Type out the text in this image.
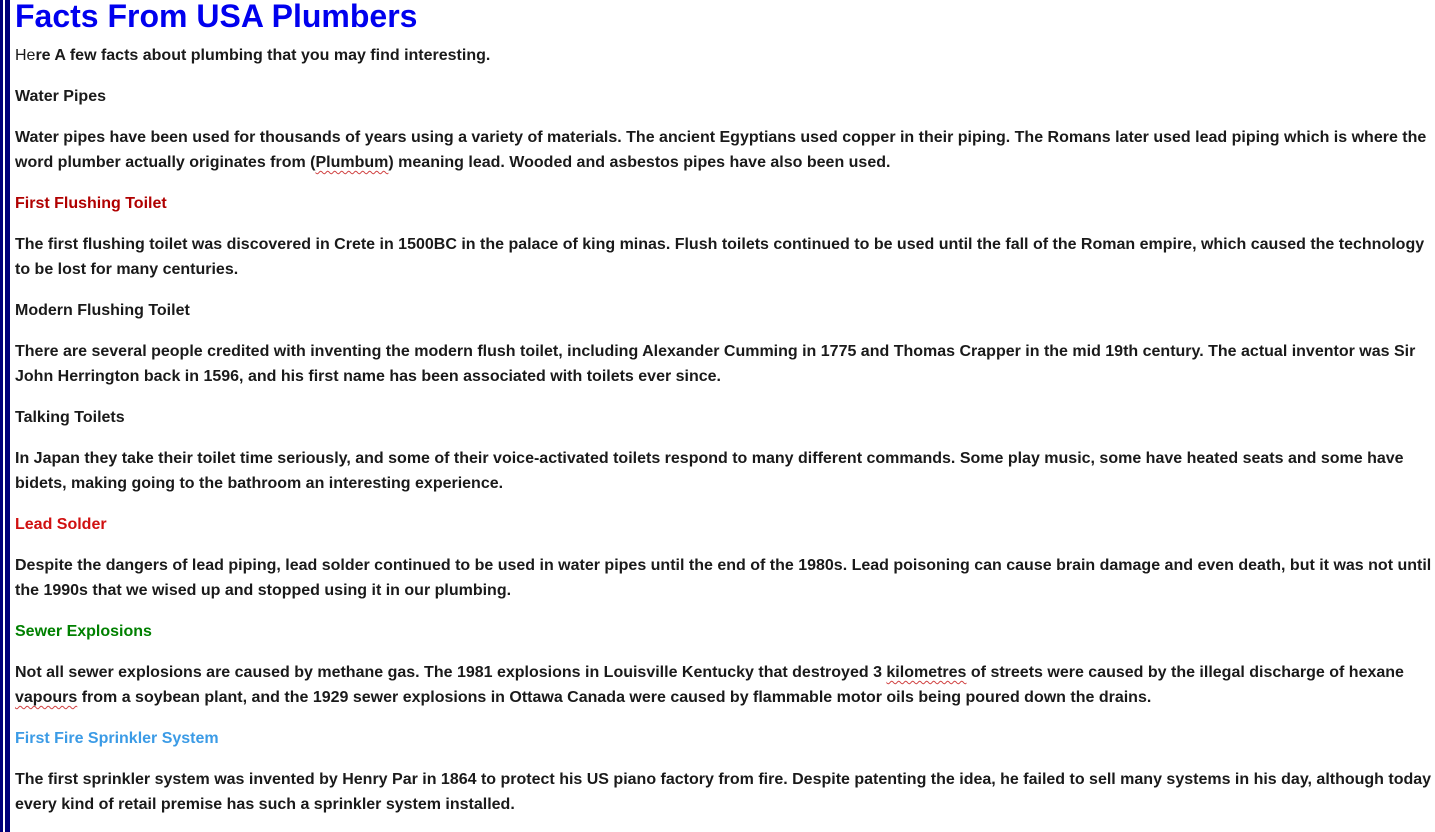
Facts From USA Plumbers

Here A few facts about plumbing that you may find interesting.

Water Pipes

Water pipes have been used for thousands of years using a variety of materials. The ancient Egyptians used copper in their piping. The Romans later used lead piping which is where the word plumber actually originates from (Plumbum) meaning lead. Wooded and asbestos pipes have also been used.

First Flushing Toilet

The first flushing toilet was discovered in Crete in 1500BC in the palace of king minas. Flush toilets continued to be used until the fall of the Roman empire, which caused the technology to be lost for many centuries.

Modern Flushing Toilet

There are several people credited with inventing the modern flush toilet, including Alexander Cumming in 1775 and Thomas Crapper in the mid 19th century. The actual inventor was Sir John Herrington back in 1596, and his first name has been associated with toilets ever since.

Talking Toilets

In Japan they take their toilet time seriously, and some of their voice-activated toilets respond to many different commands. Some play music, some have heated seats and some have bidets, making going to the bathroom an interesting experience.

Lead Solder

Despite the dangers of lead piping, lead solder continued to be used in water pipes until the end of the 1980s. Lead poisoning can cause brain damage and even death, but it was not until the 1990s that we wised up and stopped using it in our plumbing.

Sewer Explosions

Not all sewer explosions are caused by methane gas. The 1981 explosions in Louisville Kentucky that destroyed 3 kilometres of streets were caused by the illegal discharge of hexane vapours from a soybean plant, and the 1929 sewer explosions in Ottawa Canada were caused by flammable motor oils being poured down the drains.

First Fire Sprinkler System

The first sprinkler system was invented by Henry Par in 1864 to protect his US piano factory from fire. Despite patenting the idea, he failed to sell many systems in his day, although today every kind of retail premise has such a sprinkler system installed.
